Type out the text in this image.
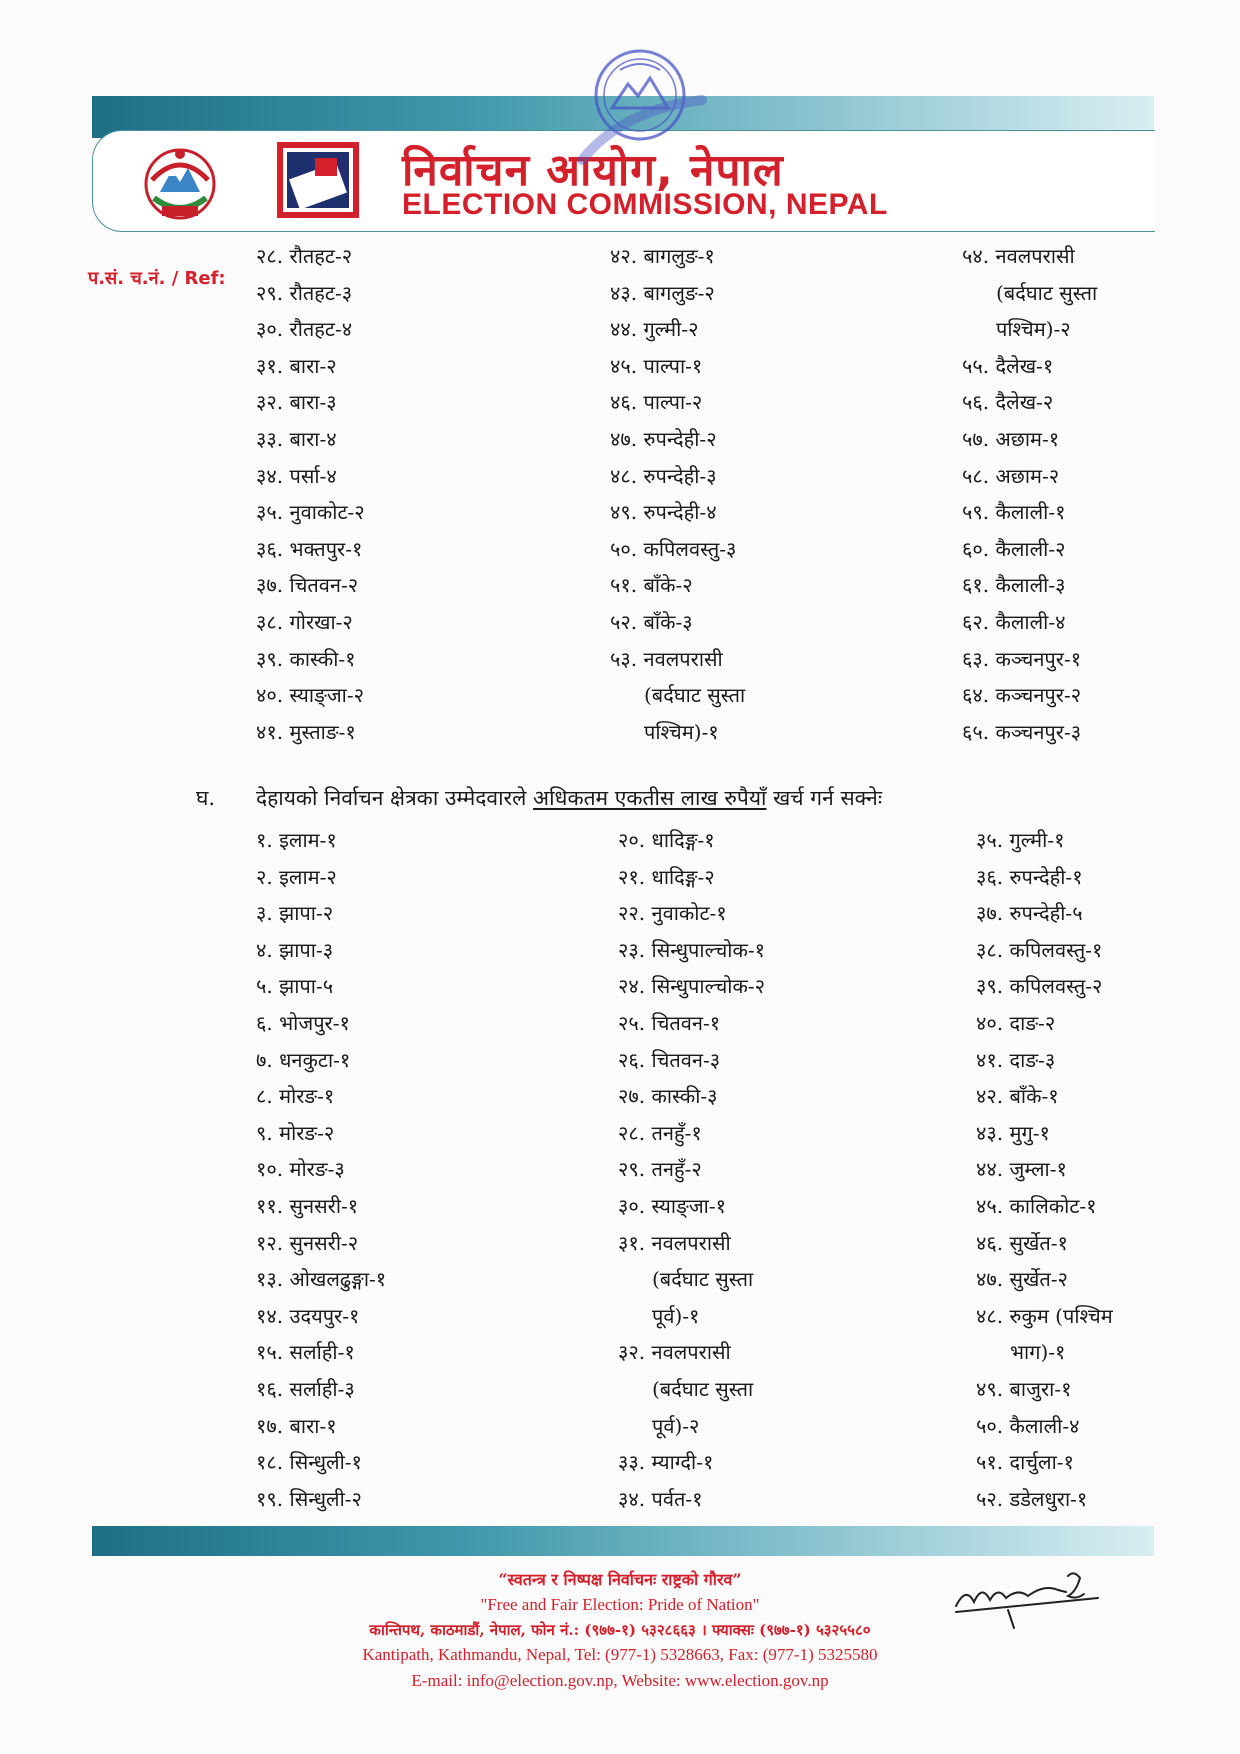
निर्वाचन आयोग, नेपाल
ELECTION COMMISSION, NEPAL
प.सं. च.नं. / Ref:
२८. रौतहट-२
२९. रौतहट-३
३०. रौतहट-४
३१. बारा-२
३२. बारा-३
३३. बारा-४
३४. पर्सा-४
३५. नुवाकोट-२
३६. भक्तपुर-१
३७. चितवन-२
३८. गोरखा-२
३९. कास्की-१
४०. स्याङ्जा-२
४१. मुस्ताङ-१
४२. बागलुङ-१
४३. बागलुङ-२
४४. गुल्मी-२
४५. पाल्पा-१
४६. पाल्पा-२
४७. रुपन्देही-२
४८. रुपन्देही-३
४९. रुपन्देही-४
५०. कपिलवस्तु-३
५१. बाँके-२
५२. बाँके-३
५३. नवलपरासी
(बर्दघाट सुस्ता
पश्चिम)-१
५४. नवलपरासी
(बर्दघाट सुस्ता
पश्चिम)-२
५५. दैलेख-१
५६. दैलेख-२
५७. अछाम-१
५८. अछाम-२
५९. कैलाली-१
६०. कैलाली-२
६१. कैलाली-३
६२. कैलाली-४
६३. कञ्चनपुर-१
६४. कञ्चनपुर-२
६५. कञ्चनपुर-३
घ. देहायको निर्वाचन क्षेत्रका उम्मेदवारले अधिकतम एकतीस लाख रुपैयाँ खर्च गर्न सक्नेः
१. इलाम-१
२. इलाम-२
३. झापा-२
४. झापा-३
५. झापा-५
६. भोजपुर-१
७. धनकुटा-१
८. मोरङ-१
९. मोरङ-२
१०. मोरङ-३
११. सुनसरी-१
१२. सुनसरी-२
१३. ओखलढुङ्गा-१
१४. उदयपुर-१
१५. सर्लाही-१
१६. सर्लाही-३
१७. बारा-१
१८. सिन्धुली-१
१९. सिन्धुली-२
२०. धादिङ्ग-१
२१. धादिङ्ग-२
२२. नुवाकोट-१
२३. सिन्धुपाल्चोक-१
२४. सिन्धुपाल्चोक-२
२५. चितवन-१
२६. चितवन-३
२७. कास्की-३
२८. तनहुँ-१
२९. तनहुँ-२
३०. स्याङ्जा-१
३१. नवलपरासी
(बर्दघाट सुस्ता
पूर्व)-१
३२. नवलपरासी
(बर्दघाट सुस्ता
पूर्व)-२
३३. म्याग्दी-१
३४. पर्वत-१
३५. गुल्मी-१
३६. रुपन्देही-१
३७. रुपन्देही-५
३८. कपिलवस्तु-१
३९. कपिलवस्तु-२
४०. दाङ-२
४१. दाङ-३
४२. बाँके-१
४३. मुगु-१
४४. जुम्ला-१
४५. कालिकोट-१
४६. सुर्खेत-१
४७. सुर्खेत-२
४८. रुकुम (पश्चिम
भाग)-१
४९. बाजुरा-१
५०. कैलाली-४
५१. दार्चुला-१
५२. डडेलधुरा-१
“स्वतन्त्र र निष्पक्ष निर्वाचनः राष्ट्रको गौरव”
"Free and Fair Election: Pride of Nation"
कान्तिपथ, काठमाडौं, नेपाल, फोन नं.: (९७७-१) ५३२८६६३ । फ्याक्सः (९७७-१) ५३२५५८०
Kantipath, Kathmandu, Nepal, Tel: (977-1) 5328663, Fax: (977-1) 5325580
E-mail: info@election.gov.np, Website: www.election.gov.np
